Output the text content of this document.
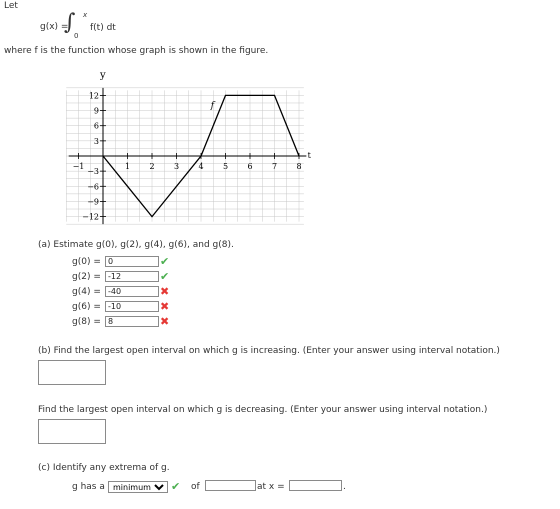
Let
g(x) =
∫ x
0
f(t) dt
where f is the function whose graph is shown in the figure.
−1	1 2 3 4 5 6 7 8
12
9
6
3
−3
−6
−9
−12
y
t
f
(a) Estimate g(0), g(2), g(4), g(6), and g(8).
g(0) = 0	✔
g(2) = -12	✔
g(4) = -40	✖
g(6) = -10	✖
g(8) = 8	✖
(b) Find the largest open interval on which g is increasing. (Enter your answer using interval notation.)
Find the largest open interval on which g is decreasing. (Enter your answer using interval notation.)
(c) Identify any extrema of g.
g has a
minimum	✔ of	at x =	.
